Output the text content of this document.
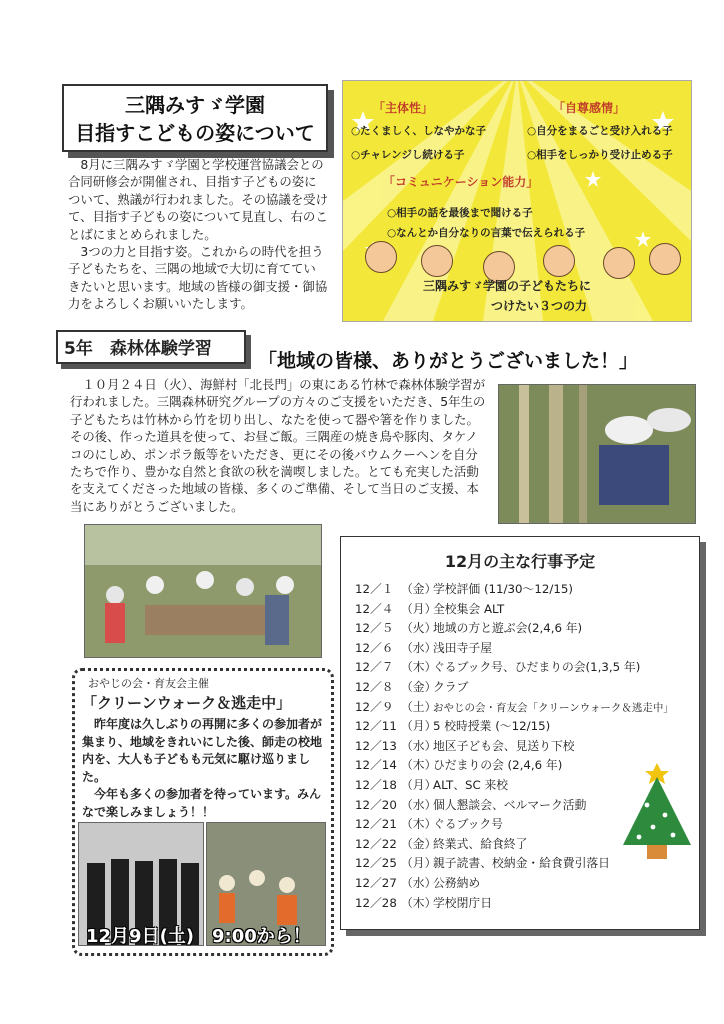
三隅みすゞ学園
目指すこどもの姿について

8月に三隅みすゞ学園と学校運営協議会との合同研修会が開催され、目指す子どもの姿について、熟議が行われました。その協議を受けて、目指す子どもの姿について見直し、右のことばにまとめられました。

3つの力と目指す姿。これからの時代を担う子どもたちを、三隅の地域で大切に育てていきたいと思います。地域の皆様の御支援・御協力をよろしくお願いいたします。

「主体性」
○たくましく、しなやかな子
○チャレンジし続ける子
「自尊感情」
○自分をまるごと受け入れる子
○相手をしっかり受け止める子
「コミュニケーション能力」
○相手の話を最後まで聞ける子
○なんとか自分なりの言葉で伝えられる子
三隅みすゞ学園の子どもたちに
つけたい３つの力
5年　森林体験学習
「地域の皆様、ありがとうございました！」

１０月２４日（火）、海鮮村「北長門」の東にある竹林で森林体験学習が行われました。三隅森林研究グループの方々のご支援をいただき、5年生の子どもたちは竹林から竹を切り出し、なたを使って器や箸を作りました。その後、作った道具を使って、お昼ご飯。三隅産の焼き鳥や豚肉、タケノコのにしめ、ポンポラ飯等をいただき、更にその後バウムクーヘンを自分たちで作り、豊かな自然と食欲の秋を満喫しました。とても充実した活動を支えてくださった地域の皆様、多くのご準備、そして当日のご支援、本当にありがとうございました。

おやじの会・育友会主催
「クリーンウォーク＆逃走中」

昨年度は久しぶりの再開に多くの参加者が集まり、地域をきれいにした後、師走の校地内を、大人も子どもも元気に駆け巡りました。

今年も多くの参加者を待っています。みんなで楽しみましょう！！

12月9日(土)　9:00から！
12月の主な行事予定
12／１ （金）学校評価 (11/30〜12/15)
12／４ （月）全校集会 ALT
12／５ （火）地域の方と遊ぶ会(2,4,6 年)
12／６ （水）浅田寺子屋
12／７ （木）ぐるブック号、ひだまりの会(1,3,5 年)
12／８ （金）クラブ
12／９ （土）おやじの会・育友会「クリーンウォーク＆逃走中」
12／11 （月）5 校時授業 (〜12/15)
12／13 （水）地区子ども会、見送り下校
12／14 （木）ひだまりの会 (2,4,6 年)
12／18 （月）ALT、SC 来校
12／20 （水）個人懇談会、ベルマーク活動
12／21 （木）ぐるブック号
12／22 （金）終業式、給食終了
12／25 （月）親子読書、校納金・給食費引落日
12／27 （水）公務納め
12／28 （木）学校閉庁日
